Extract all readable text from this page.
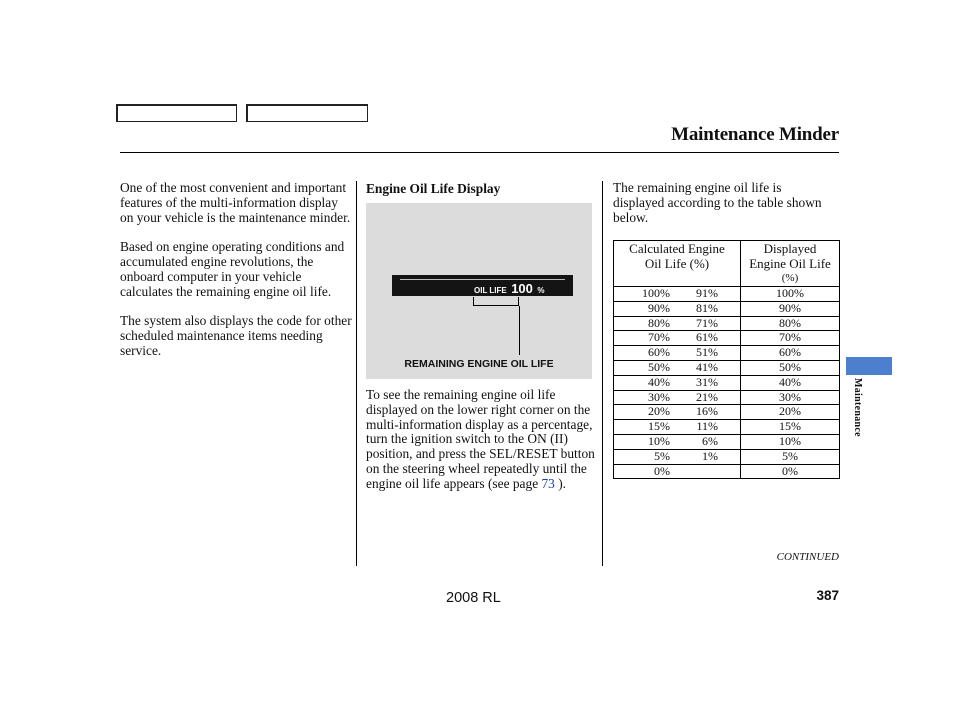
Maintenance Minder

One of the most convenient and important features of the multi-information display on your vehicle is the maintenance minder.

Based on engine operating conditions and accumulated engine revolutions, the onboard computer in your vehicle calculates the remaining engine oil life.

The system also displays the code for other scheduled maintenance items needing service.

Engine Oil Life Display
OIL LIFE 100 %
REMAINING ENGINE OIL LIFE
To see the remaining engine oil life displayed on the lower right corner on the multi-information display as a percentage, turn the ignition switch to the ON (II) position, and press the SEL/RESET button on the steering wheel repeatedly until the engine oil life appears (see page 73 ).
The remaining engine oil life is displayed according to the table shown below.
Calculated Engine Oil Life (%)	Displayed
Engine Oil Life
(%)

100% 91%	100%

90% 81%	90%

80% 71%	80%

70% 61%	70%

60% 51%	60%

50% 41%	50%

40% 31%	40%

30% 21%	30%

20% 16%	20%

15% 11%	15%

10% 6%	10%

5% 1%	5%

0%	0%
Maintenance
CONTINUED
2008 RL	387
